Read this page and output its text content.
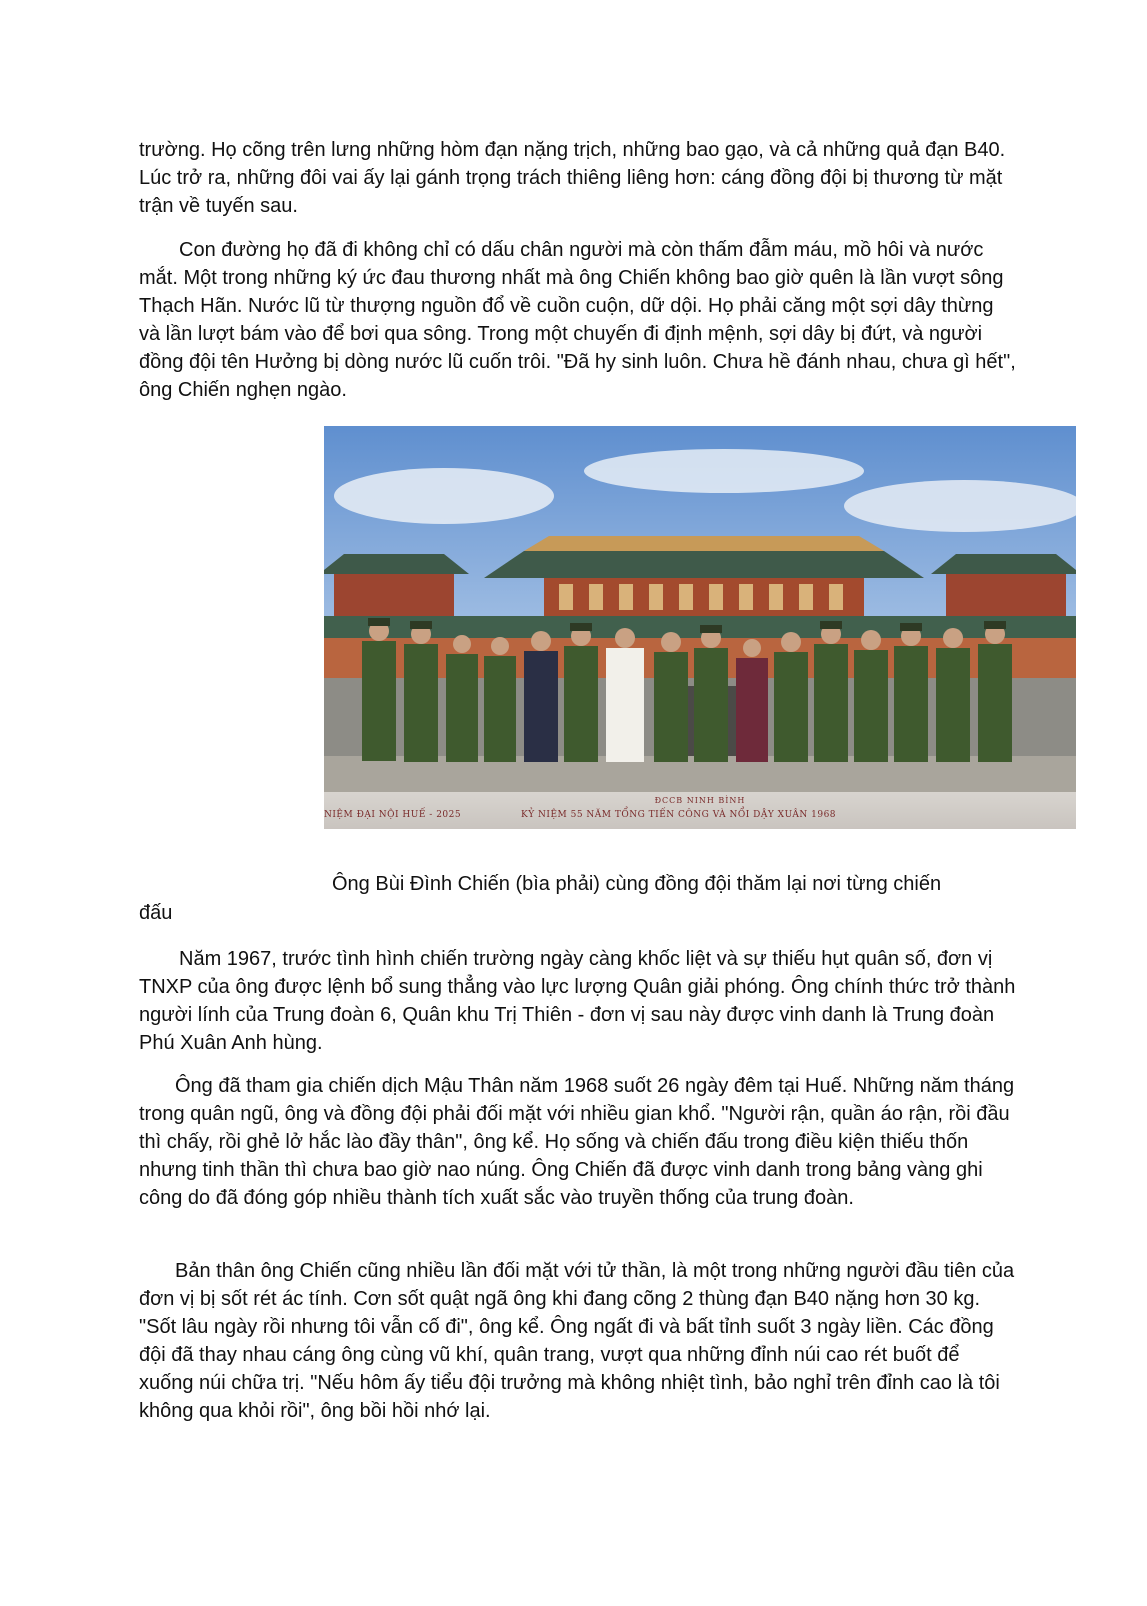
trường. Họ cõng trên lưng những hòm đạn nặng trịch, những bao gạo, và cả những quả đạn B40. Lúc trở ra, những đôi vai ấy lại gánh trọng trách thiêng liêng hơn: cáng đồng đội bị thương từ mặt trận về tuyến sau.

Con đường họ đã đi không chỉ có dấu chân người mà còn thấm đẫm máu, mồ hôi và nước mắt. Một trong những ký ức đau thương nhất mà ông Chiến không bao giờ quên là lần vượt sông Thạch Hãn. Nước lũ từ thượng nguồn đổ về cuồn cuộn, dữ dội. Họ phải căng một sợi dây thừng và lần lượt bám vào để bơi qua sông. Trong một chuyến đi định mệnh, sợi dây bị đứt, và người đồng đội tên Hưởng bị dòng nước lũ cuốn trôi. "Đã hy sinh luôn. Chưa hề đánh nhau, chưa gì hết", ông Chiến nghẹn ngào.

ĐCCB NINH BÌNH
NIỆM ĐẠI NỘI HUẾ - 2025	KỶ NIỆM 55 NĂM TỔNG TIẾN CÔNG VÀ NỔI DẬY XUÂN 1968
Ông Bùi Đình Chiến (bìa phải) cùng đồng đội thăm lại nơi từng chiến
đấu

Năm 1967, trước tình hình chiến trường ngày càng khốc liệt và sự thiếu hụt quân số, đơn vị TNXP của ông được lệnh bổ sung thẳng vào lực lượng Quân giải phóng. Ông chính thức trở thành người lính của Trung đoàn 6, Quân khu Trị Thiên - đơn vị sau này được vinh danh là Trung đoàn Phú Xuân Anh hùng.

Ông đã tham gia chiến dịch Mậu Thân năm 1968 suốt 26 ngày đêm tại Huế. Những năm tháng trong quân ngũ, ông và đồng đội phải đối mặt với nhiều gian khổ. "Người rận, quần áo rận, rồi đầu thì chấy, rồi ghẻ lở hắc lào đầy thân", ông kể. Họ sống và chiến đấu trong điều kiện thiếu thốn nhưng tinh thần thì chưa bao giờ nao núng. Ông Chiến đã được vinh danh trong bảng vàng ghi công do đã đóng góp nhiều thành tích xuất sắc vào truyền thống của trung đoàn.

Bản thân ông Chiến cũng nhiều lần đối mặt với tử thần, là một trong những người đầu tiên của đơn vị bị sốt rét ác tính. Cơn sốt quật ngã ông khi đang cõng 2 thùng đạn B40 nặng hơn 30 kg. "Sốt lâu ngày rồi nhưng tôi vẫn cố đi", ông kể. Ông ngất đi và bất tỉnh suốt 3 ngày liền. Các đồng đội đã thay nhau cáng ông cùng vũ khí, quân trang, vượt qua những đỉnh núi cao rét buốt để xuống núi chữa trị. "Nếu hôm ấy tiểu đội trưởng mà không nhiệt tình, bảo nghỉ trên đỉnh cao là tôi không qua khỏi rồi", ông bồi hồi nhớ lại.
